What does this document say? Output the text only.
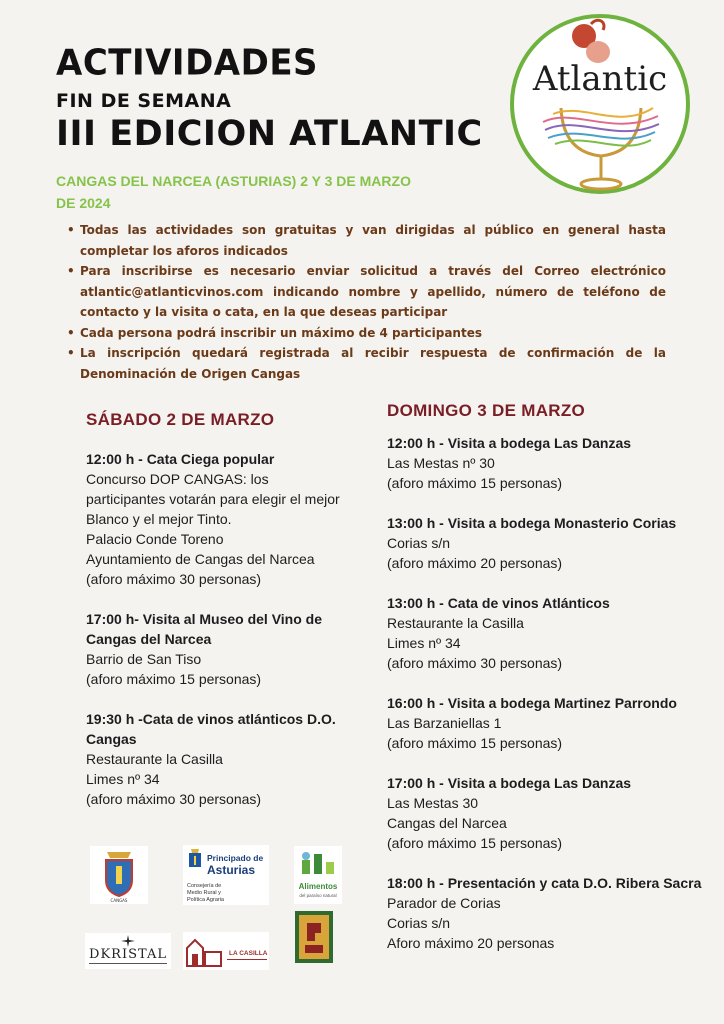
ACTIVIDADES
FIN DE SEMANA
III EDICION ATLANTIC
CANGAS DEL NARCEA (ASTURIAS) 2 Y 3 DE MARZO DE 2024
Atlantic
• Todas las actividades son gratuitas y van dirigidas al público en general hasta completar los aforos indicados
• Para inscribirse es necesario enviar solicitud a través del Correo electrónico atlantic@atlanticvinos.com indicando nombre y apellido, número de teléfono de contacto y la visita o cata, en la que deseas participar
• Cada persona podrá inscribir un máximo de 4 participantes
• La inscripción quedará registrada al recibir respuesta de confirmación de la Denominación de Origen Cangas
SÁBADO 2 DE MARZO
12:00 h - Cata Ciega popular
Concurso DOP CANGAS: los participantes votarán para elegir el mejor Blanco y el mejor Tinto.
Palacio Conde Toreno
Ayuntamiento de Cangas del Narcea (aforo máximo 30 personas)
17:00 h- Visita al Museo del Vino de Cangas del Narcea
Barrio de San Tiso
(aforo máximo 15 personas)
19:30 h -Cata de vinos atlánticos D.O. Cangas
Restaurante la Casilla
Limes nº 34
(aforo máximo 30 personas)
DOMINGO 3 DE MARZO
12:00 h - Visita a bodega Las Danzas
Las Mestas nº 30
(aforo máximo 15 personas)
13:00 h - Visita a bodega Monasterio Corias
Corias s/n
(aforo máximo 20 personas)
13:00 h - Cata de vinos Atlánticos
Restaurante la Casilla
Limes nº 34
(aforo máximo 30 personas)
16:00 h - Visita a bodega Martinez Parrondo
Las Barzaniellas 1
(aforo máximo 15 personas)
17:00 h - Visita a bodega Las Danzas
Las Mestas 30
Cangas del Narcea
(aforo máximo 15 personas)
18:00 h - Presentación y cata D.O. Ribera Sacra
Parador de Corias
Corias s/n
Aforo máximo 20 personas
CANGAS
Principado de
Asturias
Consejería de Medio Rural y Política Agraria
Alimentos
del paraíso natural
DKRISTAL	LA CASILLA
